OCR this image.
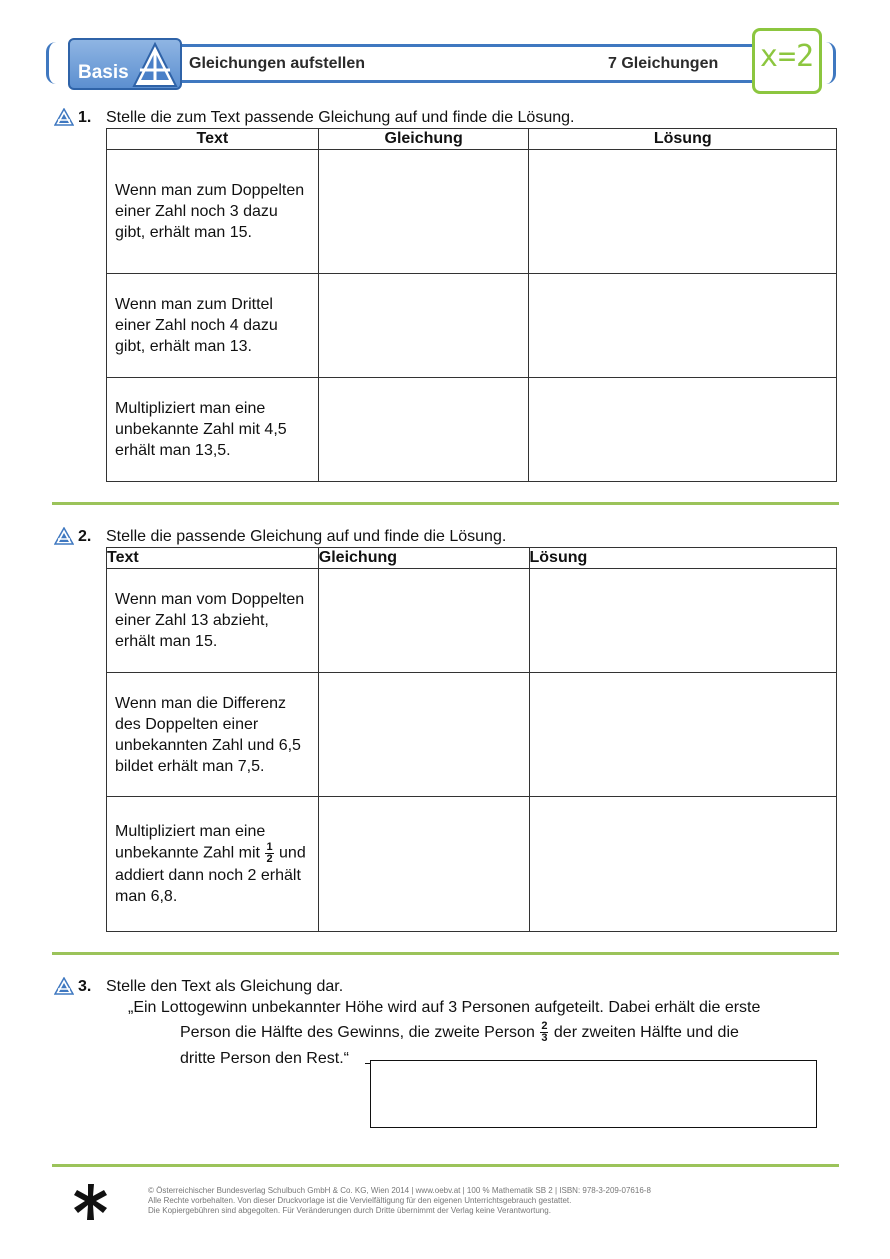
Basis	Gleichungen aufstellen	7 Gleichungen x=2
1. Stelle die zum Text passende Gleichung auf und finde die Lösung.
Text	Gleichung	Lösung
Wenn man zum Doppelten einer Zahl noch 3 dazu gibt, erhält man 15.		
Wenn man zum Drittel einer Zahl noch 4 dazu gibt, erhält man 13.		
Multipliziert man eine unbekannte Zahl mit 4,5 erhält man 13,5.		
2. Stelle die passende Gleichung auf und finde die Lösung.
Text	Gleichung	Lösung
Wenn man vom Doppelten einer Zahl 13 abzieht, erhält man 15.		
Wenn man die Differenz des Doppelten einer unbekannten Zahl und 6,5 bildet erhält man 7,5.		
Multipliziert man eine unbekannte Zahl mit $\frac{1}{2}$ und addiert dann noch 2 erhält man 6,8.		
3. Stelle den Text als Gleichung dar.
„Ein Lottogewinn unbekannter Höhe wird auf 3 Personen aufgeteilt. Dabei erhält die erste
Person die Hälfte des Gewinns, die zweite Person $\frac{2}{3}$ der zweiten Hälfte und die
dritte Person den Rest.“
© Österreichischer Bundesverlag Schulbuch GmbH & Co. KG, Wien 2014 | www.oebv.at | 100 % Mathematik SB 2 | ISBN: 978-3-209-07616-8
Alle Rechte vorbehalten. Von dieser Druckvorlage ist die Vervielfältigung für den eigenen Unterrichtsgebrauch gestattet.
Die Kopiergebühren sind abgegolten. Für Veränderungen durch Dritte übernimmt der Verlag keine Verantwortung.
